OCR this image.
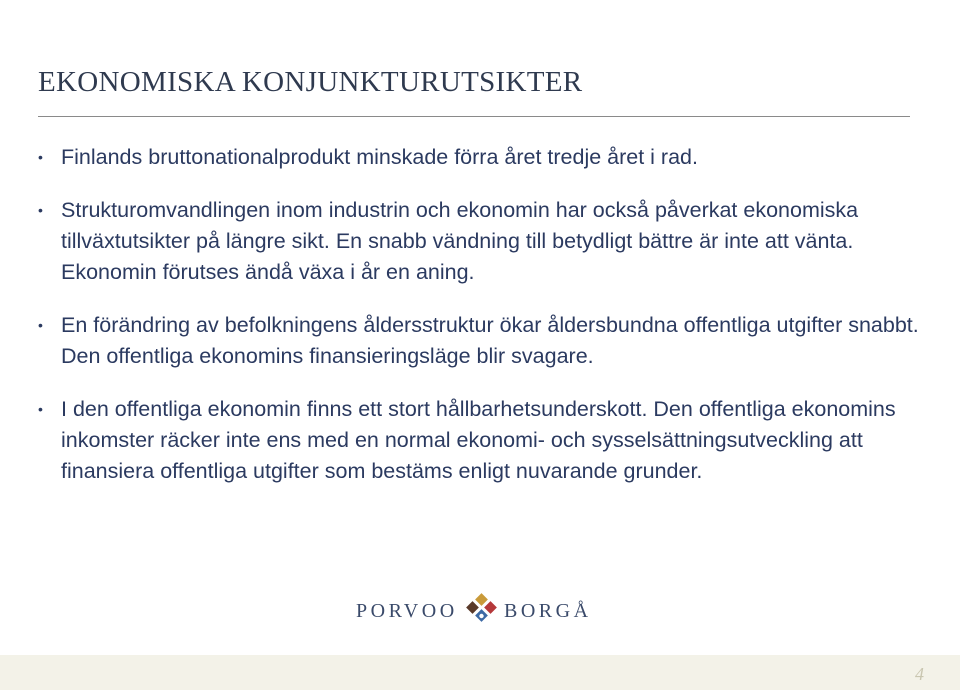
EKONOMISKA KONJUNKTURUTSIKTER
• Finlands bruttonationalprodukt minskade förra året tredje året i rad.
• Strukturomvandlingen inom industrin och ekonomin har också påverkat ekonomiska tillväxtutsikter på längre sikt. En snabb vändning till betydligt bättre är inte att vänta. Ekonomin förutses ändå växa i år en aning.
• En förändring av befolkningens åldersstruktur ökar åldersbundna offentliga utgifter snabbt. Den offentliga ekonomins finansieringsläge blir svagare.
• I den offentliga ekonomin finns ett stort hållbarhetsunderskott. Den offentliga ekonomins inkomster räcker inte ens med en normal ekonomi- och sysselsättningsutveckling att finansiera offentliga utgifter som bestäms enligt nuvarande grunder.
PORVOO BORGÅ
4
